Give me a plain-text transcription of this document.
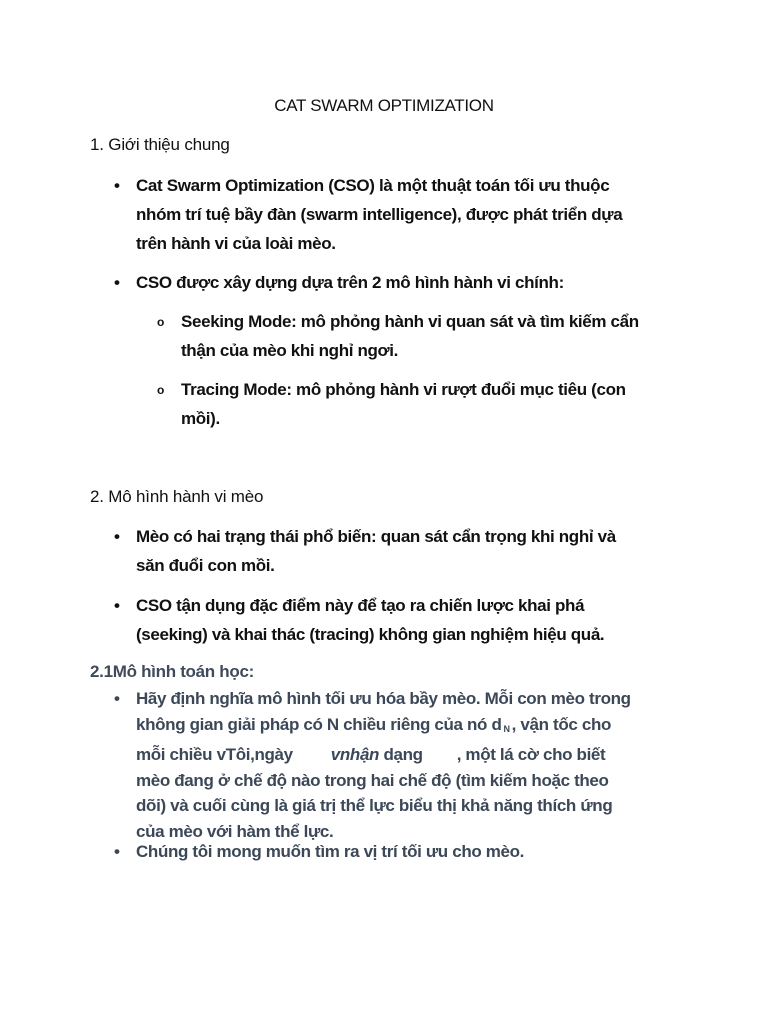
CAT SWARM OPTIMIZATION
1. Giới thiệu chung
• Cat Swarm Optimization (CSO) là một thuật toán tối ưu thuộc
nhóm trí tuệ bầy đàn (swarm intelligence), được phát triển dựa
trên hành vi của loài mèo.
• CSO được xây dựng dựa trên 2 mô hình hành vi chính:
o Seeking Mode: mô phỏng hành vi quan sát và tìm kiếm cẩn
thận của mèo khi nghỉ ngơi.
o Tracing Mode: mô phỏng hành vi rượt đuổi mục tiêu (con
mồi).
2. Mô hình hành vi mèo
• Mèo có hai trạng thái phổ biến: quan sát cẩn trọng khi nghỉ và
săn đuổi con mồi.
• CSO tận dụng đặc điểm này để tạo ra chiến lược khai phá
(seeking) và khai thác (tracing) không gian nghiệm hiệu quả.
2.1Mô hình toán học:
• Hãy định nghĩa mô hình tối ưu hóa bầy mèo. Mỗi con mèo trong
không gian giải pháp có N chiều riêng của nó d $_N$ , vận tốc cho
mỗi chiều vTôi,ngày vnhận dạng , một lá cờ cho biết
mèo đang ở chế độ nào trong hai chế độ (tìm kiếm hoặc theo
dõi) và cuối cùng là giá trị thể lực biểu thị khả năng thích ứng
của mèo với hàm thể lực.
• Chúng tôi mong muốn tìm ra vị trí tối ưu cho mèo.
